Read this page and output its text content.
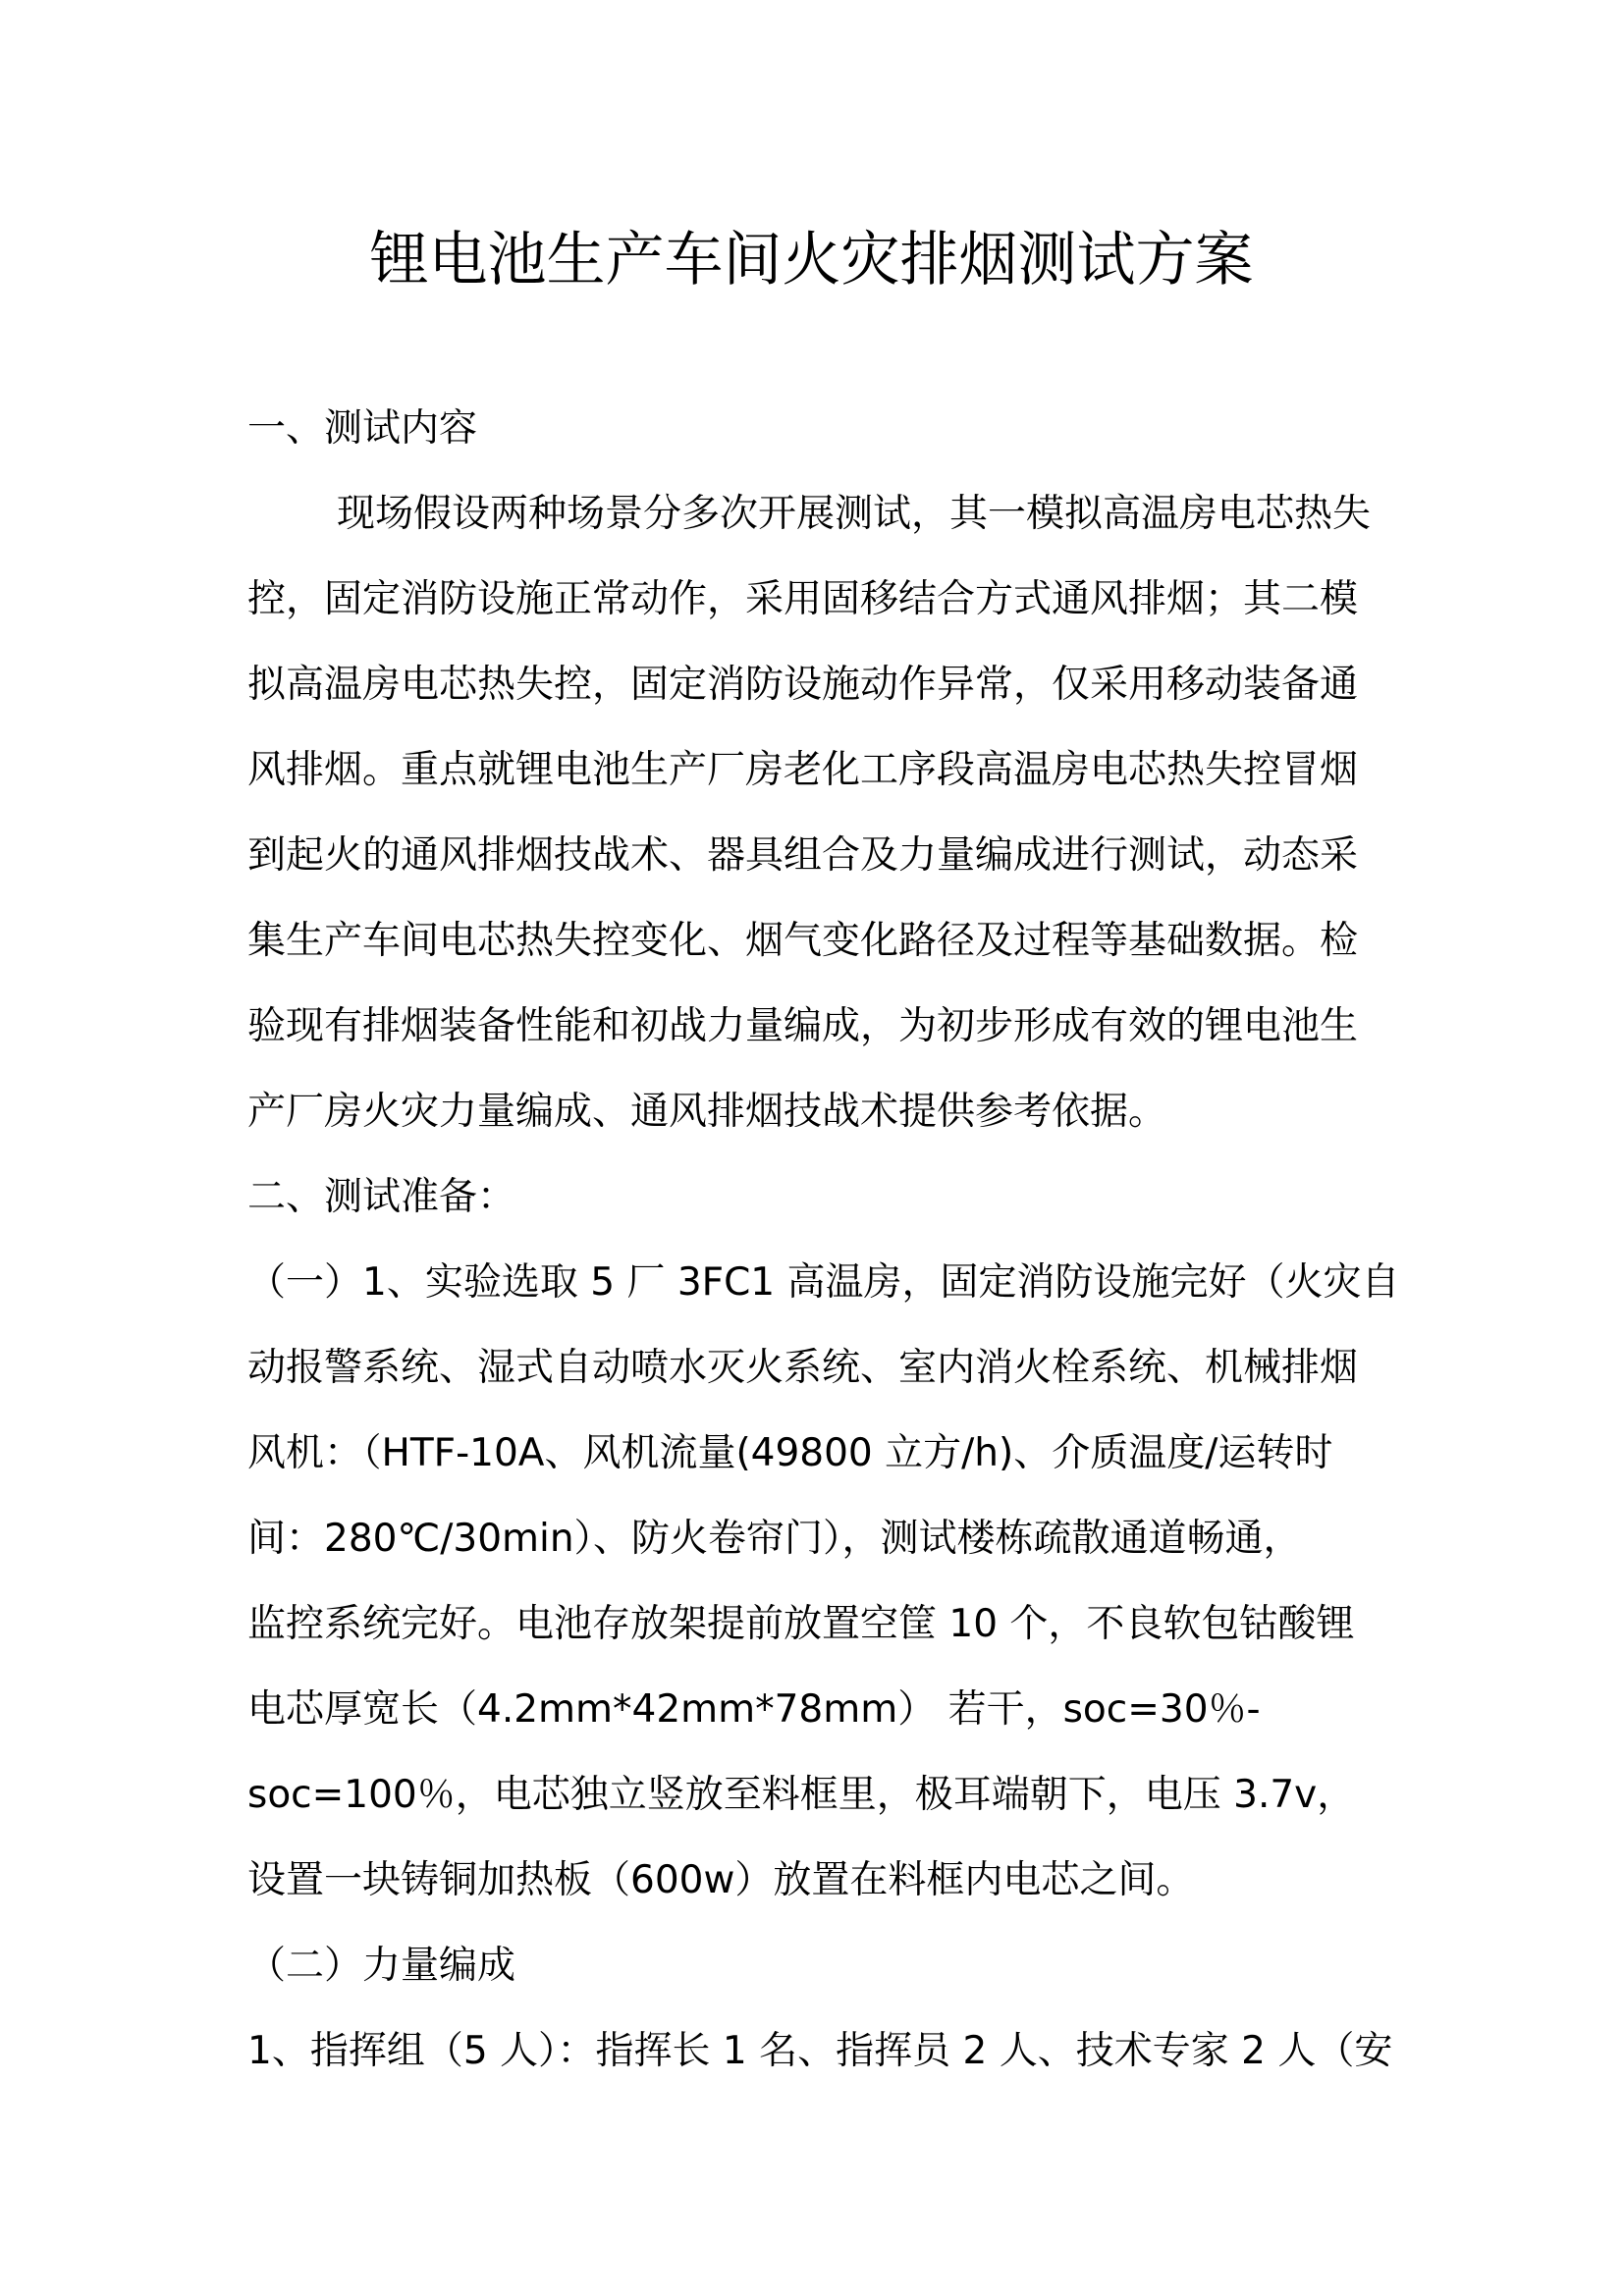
锂电池生产车间火灾排烟测试方案
一、测试内容
现场假设两种场景分多次开展测试，其一模拟高温房电芯热失
控，固定消防设施正常动作，采用固移结合方式通风排烟；其二模
拟高温房电芯热失控，固定消防设施动作异常，仅采用移动装备通
风排烟。重点就锂电池生产厂房老化工序段高温房电芯热失控冒烟
到起火的通风排烟技战术、器具组合及力量编成进行测试，动态采
集生产车间电芯热失控变化、烟气变化路径及过程等基础数据。检
验现有排烟装备性能和初战力量编成，为初步形成有效的锂电池生
产厂房火灾力量编成、通风排烟技战术提供参考依据。
二、测试准备：
（一）1、实验选取 5 厂 3FC1 高温房，固定消防设施完好（火灾自
动报警系统、湿式自动喷水灭火系统、室内消火栓系统、机械排烟
风机：（HTF-10A、风机流量(49800 立方/h)、介质温度/运转时
间：280℃/30min）、防火卷帘门），测试楼栋疏散通道畅通，
监控系统完好。电池存放架提前放置空筐 10 个，不良软包钴酸锂
电芯厚宽长（4.2mm*42mm*78mm） 若干，soc=30％-
soc=100％，电芯独立竖放至料框里，极耳端朝下，电压 3.7v，
设置一块铸铜加热板（600w）放置在料框内电芯之间。
（二）力量编成
1、指挥组（5 人）：指挥长 1 名、指挥员 2 人、技术专家 2 人（安
